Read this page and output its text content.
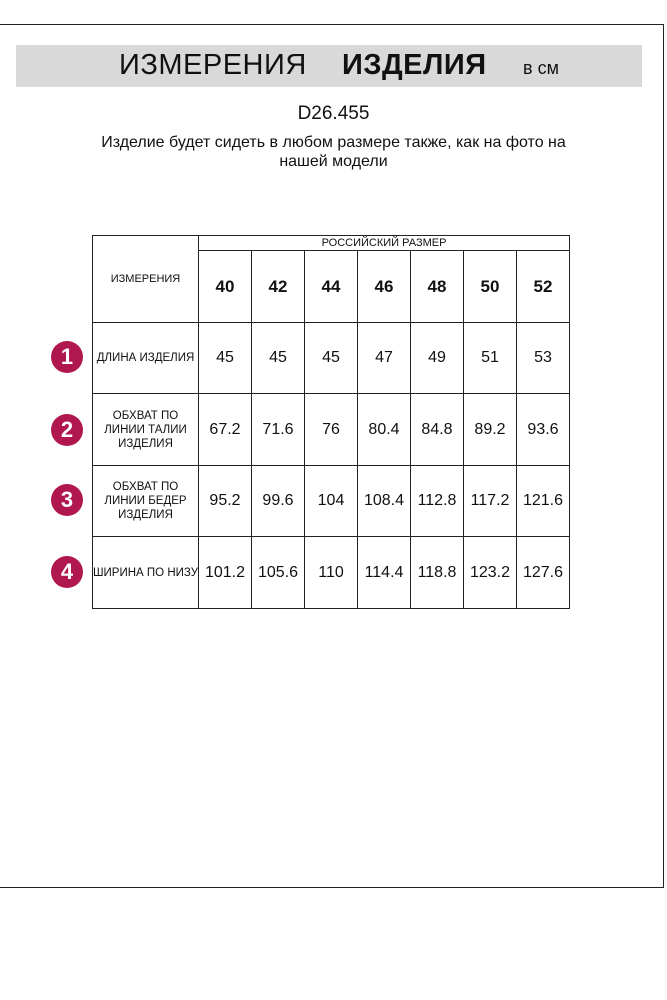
ИЗМЕРЕНИЯ ИЗДЕЛИЯ в см
D26.455
Изделие будет сидеть в любом размере также, как на фото на нашей модели
ИЗМЕРЕНИЯ	РОССИЙСКИЙ РАЗМЕР						
	40	42	44	46	48	50	52
ДЛИНА ИЗДЕЛИЯ	45	45	45	47	49	51	53
ОБХВАТ ПО ЛИНИИ ТАЛИИ ИЗДЕЛИЯ	67.2	71.6	76	80.4	84.8	89.2	93.6
ОБХВАТ ПО ЛИНИИ БЕДЕР ИЗДЕЛИЯ	95.2	99.6	104	108.4	112.8	117.2	121.6
ШИРИНА ПО НИЗУ	101.2	105.6	110	114.4	118.8	123.2	127.6
1
2
3
4
